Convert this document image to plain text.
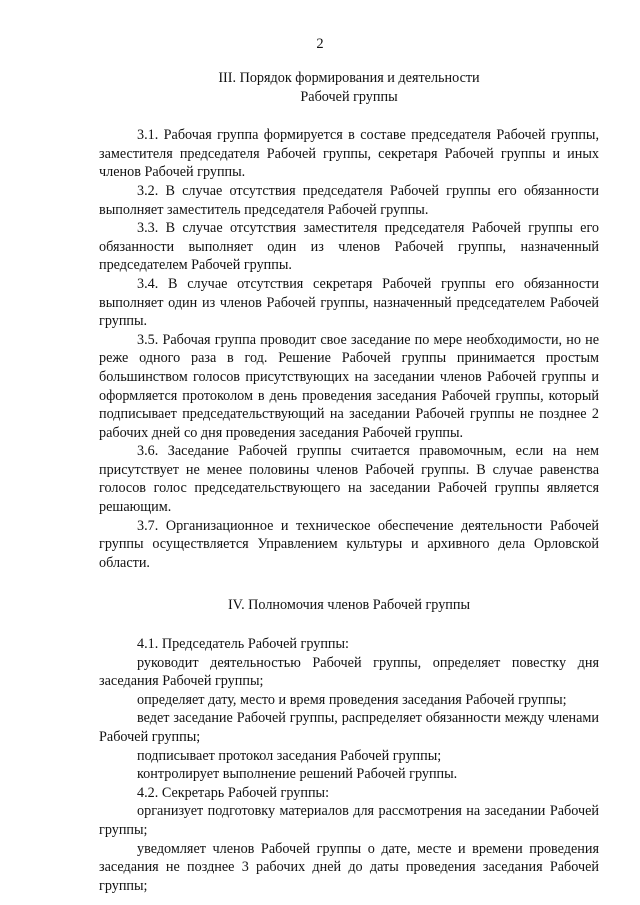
2
III. Порядок формирования и деятельности
Рабочей группы

3.1. Рабочая группа формируется в составе председателя Рабочей группы, заместителя председателя Рабочей группы, секретаря Рабочей группы и иных членов Рабочей группы.

3.2. В случае отсутствия председателя Рабочей группы его обязанности выполняет заместитель председателя Рабочей группы.

3.3. В случае отсутствия заместителя председателя Рабочей группы его обязанности выполняет один из членов Рабочей группы, назначенный председателем Рабочей группы.

3.4. В случае отсутствия секретаря Рабочей группы его обязанности выполняет один из членов Рабочей группы, назначенный председателем Рабочей группы.

3.5. Рабочая группа проводит свое заседание по мере необходимости, но не реже одного раза в год. Решение Рабочей группы принимается простым большинством голосов присутствующих на заседании членов Рабочей группы и оформляется протоколом в день проведения заседания Рабочей группы, который подписывает председательствующий на заседании Рабочей группы не позднее 2 рабочих дней со дня проведения заседания Рабочей группы.

3.6. Заседание Рабочей группы считается правомочным, если на нем присутствует не менее половины членов Рабочей группы. В случае равенства голосов голос председательствующего на заседании Рабочей группы является решающим.

3.7. Организационное и техническое обеспечение деятельности Рабочей группы осуществляется Управлением культуры и архивного дела Орловской области.

IV. Полномочия членов Рабочей группы

4.1. Председатель Рабочей группы:

руководит деятельностью Рабочей группы, определяет повестку дня заседания Рабочей группы;

определяет дату, место и время проведения заседания Рабочей группы;

ведет заседание Рабочей группы, распределяет обязанности между членами Рабочей группы;

подписывает протокол заседания Рабочей группы;

контролирует выполнение решений Рабочей группы.

4.2. Секретарь Рабочей группы:

организует подготовку материалов для рассмотрения на заседании Рабочей группы;

уведомляет членов Рабочей группы о дате, месте и времени проведения заседания не позднее 3 рабочих дней до даты проведения заседания Рабочей группы;
